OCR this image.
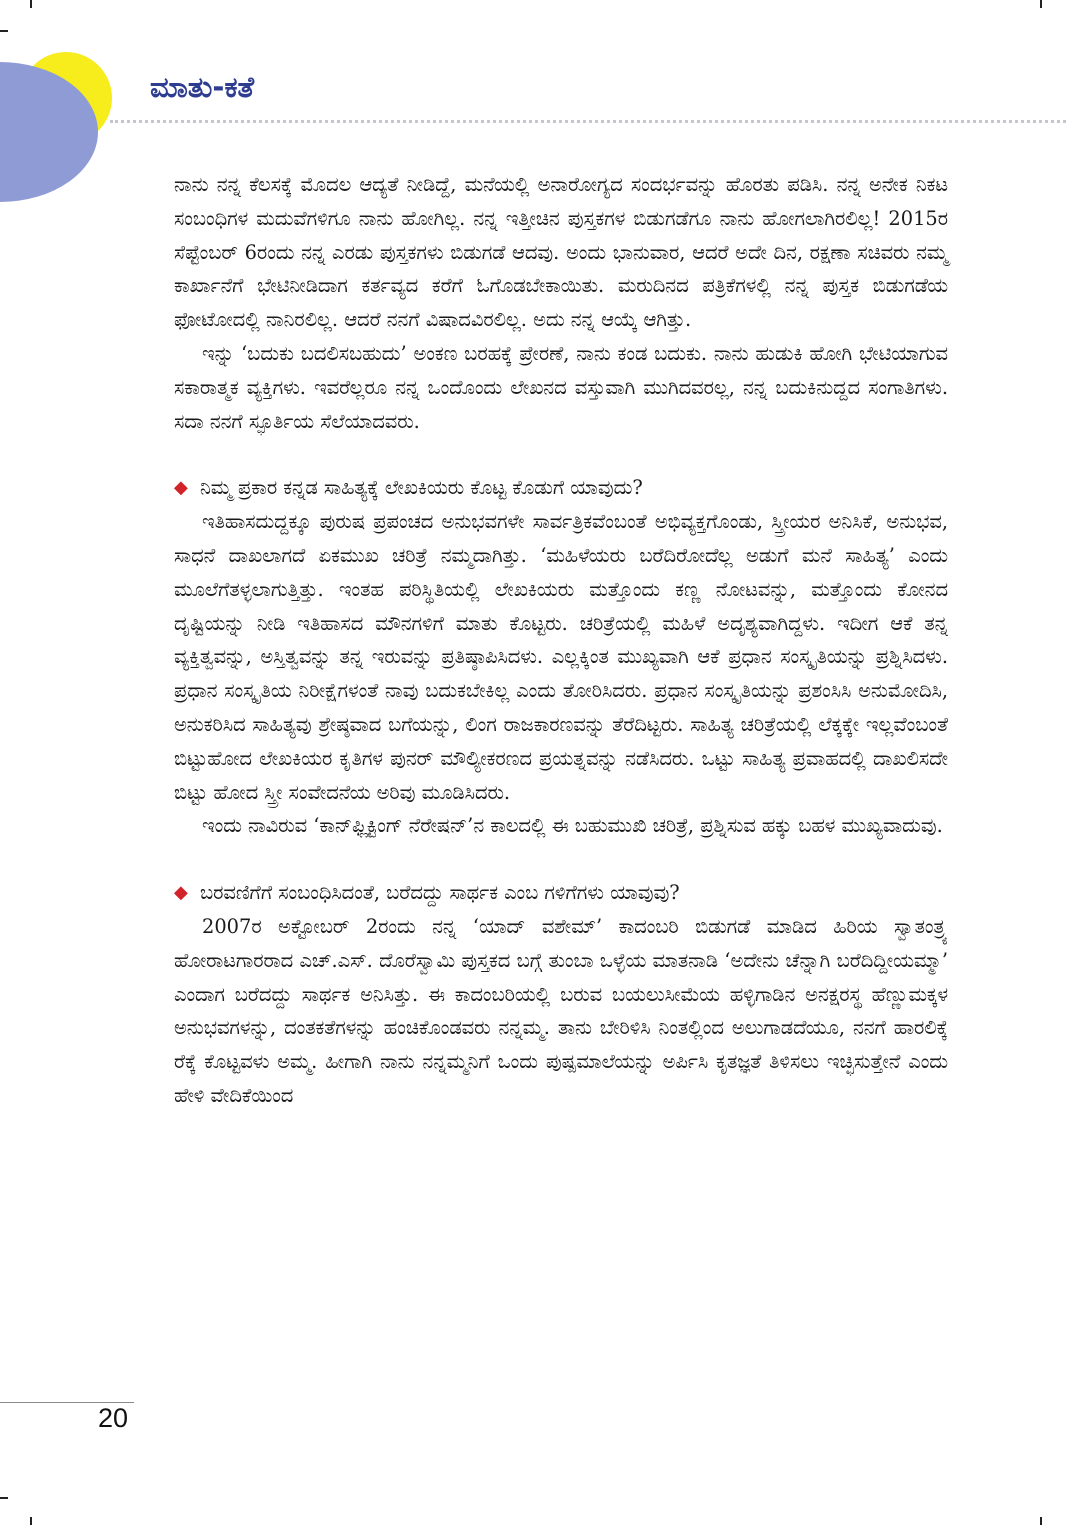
ಮಾತು-ಕತೆ

ನಾನು ನನ್ನ ಕೆಲಸಕ್ಕೆ ಮೊದಲ ಆದ್ಯತೆ ನೀಡಿದ್ದೆ, ಮನೆಯಲ್ಲಿ ಅನಾರೋಗ್ಯದ ಸಂದರ್ಭವನ್ನು ಹೊರತು ಪಡಿಸಿ. ನನ್ನ ಅನೇಕ ನಿಕಟ ಸಂಬಂಧಿಗಳ ಮದುವೆಗಳಿಗೂ ನಾನು ಹೋಗಿಲ್ಲ. ನನ್ನ ಇತ್ತೀಚಿನ ಪುಸ್ತಕಗಳ ಬಿಡುಗಡೆಗೂ ನಾನು ಹೋಗಲಾಗಿರಲಿಲ್ಲ! 2015ರ ಸೆಪ್ಟೆಂಬರ್ 6ರಂದು ನನ್ನ ಎರಡು ಪುಸ್ತಕಗಳು ಬಿಡುಗಡೆ ಆದವು. ಅಂದು ಭಾನುವಾರ, ಆದರೆ ಅದೇ ದಿನ, ರಕ್ಷಣಾ ಸಚಿವರು ನಮ್ಮ ಕಾರ್ಖಾನೆಗೆ ಭೇಟಿನೀಡಿದಾಗ ಕರ್ತವ್ಯದ ಕರೆಗೆ ಓಗೊಡಬೇಕಾಯಿತು. ಮರುದಿನದ ಪತ್ರಿಕೆಗಳಲ್ಲಿ ನನ್ನ ಪುಸ್ತಕ ಬಿಡುಗಡೆಯ ಫೋಟೋದಲ್ಲಿ ನಾನಿರಲಿಲ್ಲ. ಆದರೆ ನನಗೆ ವಿಷಾದವಿರಲಿಲ್ಲ. ಅದು ನನ್ನ ಆಯ್ಕೆ ಆಗಿತ್ತು.

ಇನ್ನು ‘ಬದುಕು ಬದಲಿಸಬಹುದು’ ಅಂಕಣ ಬರಹಕ್ಕೆ ಪ್ರೇರಣೆ, ನಾನು ಕಂಡ ಬದುಕು. ನಾನು ಹುಡುಕಿ ಹೋಗಿ ಭೇಟಿಯಾಗುವ ಸಕಾರಾತ್ಮಕ ವ್ಯಕ್ತಿಗಳು. ಇವರೆಲ್ಲರೂ ನನ್ನ ಒಂದೊಂದು ಲೇಖನದ ವಸ್ತುವಾಗಿ ಮುಗಿದವರಲ್ಲ, ನನ್ನ ಬದುಕಿನುದ್ದದ ಸಂಗಾತಿಗಳು. ಸದಾ ನನಗೆ ಸ್ಫೂರ್ತಿಯ ಸೆಲೆಯಾದವರು.

◆ ನಿಮ್ಮ ಪ್ರಕಾರ ಕನ್ನಡ ಸಾಹಿತ್ಯಕ್ಕೆ ಲೇಖಕಿಯರು ಕೊಟ್ಟ ಕೊಡುಗೆ ಯಾವುದು?

ಇತಿಹಾಸದುದ್ದಕ್ಕೂ ಪುರುಷ ಪ್ರಪಂಚದ ಅನುಭವಗಳೇ ಸಾರ್ವತ್ರಿಕವೆಂಬಂತೆ ಅಭಿವ್ಯಕ್ತಗೊಂಡು, ಸ್ತ್ರೀಯರ ಅನಿಸಿಕೆ, ಅನುಭವ, ಸಾಧನೆ ದಾಖಲಾಗದೆ ಏಕಮುಖ ಚರಿತ್ರೆ ನಮ್ಮದಾಗಿತ್ತು. ‘ಮಹಿಳೆಯರು ಬರೆದಿರೋದೆಲ್ಲ ಅಡುಗೆ ಮನೆ ಸಾಹಿತ್ಯ’ ಎಂದು ಮೂಲೆಗೆತಳ್ಳಲಾಗುತ್ತಿತ್ತು. ಇಂತಹ ಪರಿಸ್ಥಿತಿಯಲ್ಲಿ ಲೇಖಕಿಯರು ಮತ್ತೊಂದು ಕಣ್ಣ ನೋಟವನ್ನು, ಮತ್ತೊಂದು ಕೋನದ ದೃಷ್ಟಿಯನ್ನು ನೀಡಿ ಇತಿಹಾಸದ ಮೌನಗಳಿಗೆ ಮಾತು ಕೊಟ್ಟರು. ಚರಿತ್ರೆಯಲ್ಲಿ ಮಹಿಳೆ ಅದೃಶ್ಯವಾಗಿದ್ದಳು. ಇದೀಗ ಆಕೆ ತನ್ನ ವ್ಯಕ್ತಿತ್ವವನ್ನು, ಅಸ್ತಿತ್ವವನ್ನು ತನ್ನ ಇರುವನ್ನು ಪ್ರತಿಷ್ಠಾಪಿಸಿದಳು. ಎಲ್ಲಕ್ಕಿಂತ ಮುಖ್ಯವಾಗಿ ಆಕೆ ಪ್ರಧಾನ ಸಂಸ್ಕೃತಿಯನ್ನು ಪ್ರಶ್ನಿಸಿದಳು. ಪ್ರಧಾನ ಸಂಸ್ಕೃತಿಯ ನಿರೀಕ್ಷೆಗಳಂತೆ ನಾವು ಬದುಕಬೇಕಿಲ್ಲ ಎಂದು ತೋರಿಸಿದರು. ಪ್ರಧಾನ ಸಂಸ್ಕೃತಿಯನ್ನು ಪ್ರಶಂಸಿಸಿ ಅನುಮೋದಿಸಿ, ಅನುಕರಿಸಿದ ಸಾಹಿತ್ಯವು ಶ್ರೇಷ್ಠವಾದ ಬಗೆಯನ್ನು, ಲಿಂಗ ರಾಜಕಾರಣವನ್ನು ತೆರೆದಿಟ್ಟರು. ಸಾಹಿತ್ಯ ಚರಿತ್ರೆಯಲ್ಲಿ ಲೆಕ್ಕಕ್ಕೇ ಇಲ್ಲವೆಂಬಂತೆ ಬಿಟ್ಟುಹೋದ ಲೇಖಕಿಯರ ಕೃತಿಗಳ ಪುನರ್ ಮೌಲ್ಯೀಕರಣದ ಪ್ರಯತ್ನವನ್ನು ನಡೆಸಿದರು. ಒಟ್ಟು ಸಾಹಿತ್ಯ ಪ್ರವಾಹದಲ್ಲಿ ದಾಖಲಿಸದೇ ಬಿಟ್ಟು ಹೋದ ಸ್ತ್ರೀ ಸಂವೇದನೆಯ ಅರಿವು ಮೂಡಿಸಿದರು.

ಇಂದು ನಾವಿರುವ ‘ಕಾನ್‌ಫ್ಲಿಕ್ಟಿಂಗ್ ನೆರೇಷನ್’ನ ಕಾಲದಲ್ಲಿ ಈ ಬಹುಮುಖಿ ಚರಿತ್ರೆ, ಪ್ರಶ್ನಿಸುವ ಹಕ್ಕು ಬಹಳ ಮುಖ್ಯವಾದುವು.

◆ ಬರವಣಿಗೆಗೆ ಸಂಬಂಧಿಸಿದಂತೆ, ಬರೆದದ್ದು ಸಾರ್ಥಕ ಎಂಬ ಗಳಿಗೆಗಳು ಯಾವುವು?

2007ರ ಅಕ್ಟೋಬರ್ 2ರಂದು ನನ್ನ ‘ಯಾದ್ ವಶೇಮ್’ ಕಾದಂಬರಿ ಬಿಡುಗಡೆ ಮಾಡಿದ ಹಿರಿಯ ಸ್ವಾತಂತ್ರ್ಯ ಹೋರಾಟಗಾರರಾದ ಎಚ್.ಎಸ್. ದೊರೆಸ್ವಾಮಿ ಪುಸ್ತಕದ ಬಗ್ಗೆ ತುಂಬಾ ಒಳ್ಳೆಯ ಮಾತನಾಡಿ ‘ಅದೇನು ಚೆನ್ನಾಗಿ ಬರೆದಿದ್ದೀಯಮ್ಮಾ’ ಎಂದಾಗ ಬರೆದದ್ದು ಸಾರ್ಥಕ ಅನಿಸಿತ್ತು. ಈ ಕಾದಂಬರಿಯಲ್ಲಿ ಬರುವ ಬಯಲುಸೀಮೆಯ ಹಳ್ಳಿಗಾಡಿನ ಅನಕ್ಷರಸ್ಥ ಹೆಣ್ಣುಮಕ್ಕಳ ಅನುಭವಗಳನ್ನು, ದಂತಕತೆಗಳನ್ನು ಹಂಚಿಕೊಂಡವರು ನನ್ನಮ್ಮ. ತಾನು ಬೇರಿಳಿಸಿ ನಿಂತಲ್ಲಿಂದ ಅಲುಗಾಡದೆಯೂ, ನನಗೆ ಹಾರಲಿಕ್ಕೆ ರೆಕ್ಕೆ ಕೊಟ್ಟವಳು ಅಮ್ಮ. ಹೀಗಾಗಿ ನಾನು ನನ್ನಮ್ಮನಿಗೆ ಒಂದು ಪುಷ್ಪಮಾಲೆಯನ್ನು ಅರ್ಪಿಸಿ ಕೃತಜ್ಞತೆ ತಿಳಿಸಲು ಇಚ್ಛಿಸುತ್ತೇನೆ ಎಂದು ಹೇಳಿ ವೇದಿಕೆಯಿಂದ

20
